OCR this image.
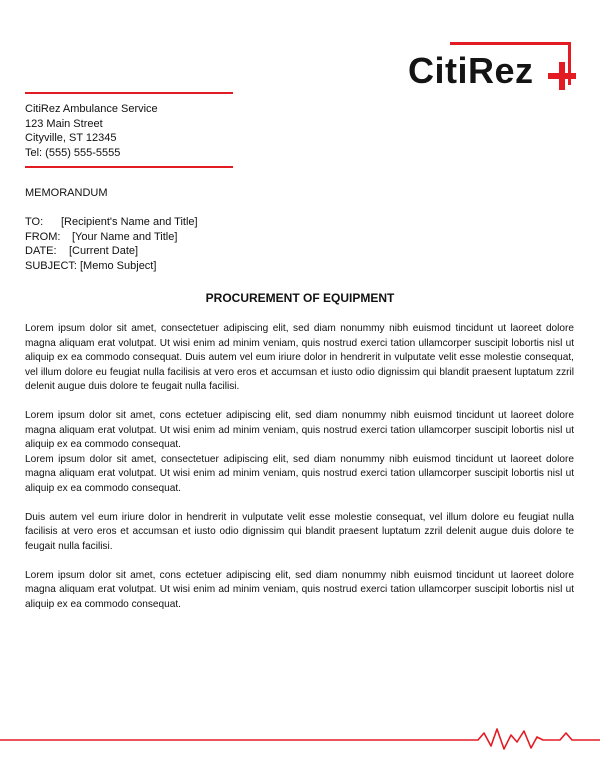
CitiRez
CitiRez Ambulance Service
123 Main Street
Cityville, ST 12345
Tel: (555) 555-5555
MEMORANDUM
TO: [Recipient's Name and Title]
FROM: [Your Name and Title]
DATE: [Current Date]
SUBJECT: [Memo Subject]
PROCUREMENT OF EQUIPMENT

Lorem ipsum dolor sit amet, consectetuer adipiscing elit, sed diam nonummy nibh euismod tincidunt ut laoreet dolore magna aliquam erat volutpat. Ut wisi enim ad minim veniam, quis nostrud exerci tation ullamcorper suscipit lobortis nisl ut aliquip ex ea commodo consequat. Duis autem vel eum iriure dolor in hendrerit in vulputate velit esse molestie consequat, vel illum dolore eu feugiat nulla facilisis at vero eros et accumsan et iusto odio dignissim qui blandit praesent luptatum zzril delenit augue duis dolore te feugait nulla facilisi.

Lorem ipsum dolor sit amet, cons ectetuer adipiscing elit, sed diam nonummy nibh euismod tincidunt ut laoreet dolore magna aliquam erat volutpat. Ut wisi enim ad minim veniam, quis nostrud exerci tation ullamcorper suscipit lobortis nisl ut aliquip ex ea commodo consequat.

Lorem ipsum dolor sit amet, consectetuer adipiscing elit, sed diam nonummy nibh euismod tincidunt ut laoreet dolore magna aliquam erat volutpat. Ut wisi enim ad minim veniam, quis nostrud exerci tation ullamcorper suscipit lobortis nisl ut aliquip ex ea commodo consequat.

Duis autem vel eum iriure dolor in hendrerit in vulputate velit esse molestie consequat, vel illum dolore eu feugiat nulla facilisis at vero eros et accumsan et iusto odio dignissim qui blandit praesent luptatum zzril delenit augue duis dolore te feugait nulla facilisi.

Lorem ipsum dolor sit amet, cons ectetuer adipiscing elit, sed diam nonummy nibh euismod tincidunt ut laoreet dolore magna aliquam erat volutpat. Ut wisi enim ad minim veniam, quis nostrud exerci tation ullamcorper suscipit lobortis nisl ut aliquip ex ea commodo consequat.
